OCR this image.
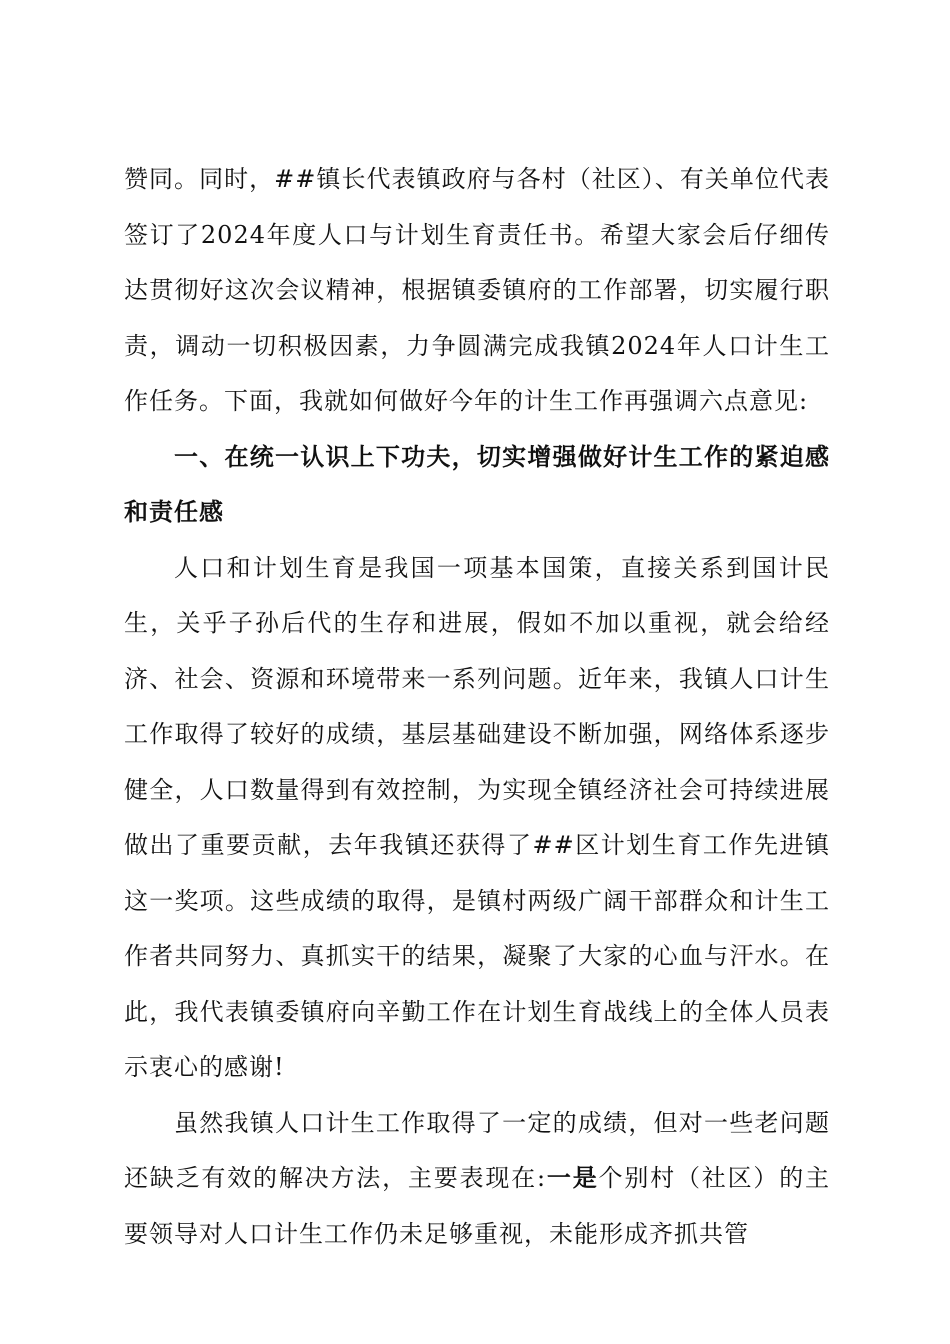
赞同。同时，##镇长代表镇政府与各村（社区）、有关单位代表签订了2024年度人口与计划生育责任书。希望大家会后仔细传达贯彻好这次会议精神，根据镇委镇府的工作部署，切实履行职责，调动一切积极因素，力争圆满完成我镇2024年人口计生工作任务。下面，我就如何做好今年的计生工作再强调六点意见:

一、在统一认识上下功夫，切实增强做好计生工作的紧迫感和责任感

人口和计划生育是我国一项基本国策，直接关系到国计民生，关乎子孙后代的生存和进展，假如不加以重视，就会给经济、社会、资源和环境带来一系列问题。近年来，我镇人口计生工作取得了较好的成绩，基层基础建设不断加强，网络体系逐步健全，人口数量得到有效控制，为实现全镇经济社会可持续进展做出了重要贡献，去年我镇还获得了##区计划生育工作先进镇这一奖项。这些成绩的取得，是镇村两级广阔干部群众和计生工作者共同努力、真抓实干的结果，凝聚了大家的心血与汗水。在此，我代表镇委镇府向辛勤工作在计划生育战线上的全体人员表示衷心的感谢!

虽然我镇人口计生工作取得了一定的成绩，但对一些老问题还缺乏有效的解决方法，主要表现在:一是个别村（社区）的主要领导对人口计生工作仍未足够重视，未能形成齐抓共管
